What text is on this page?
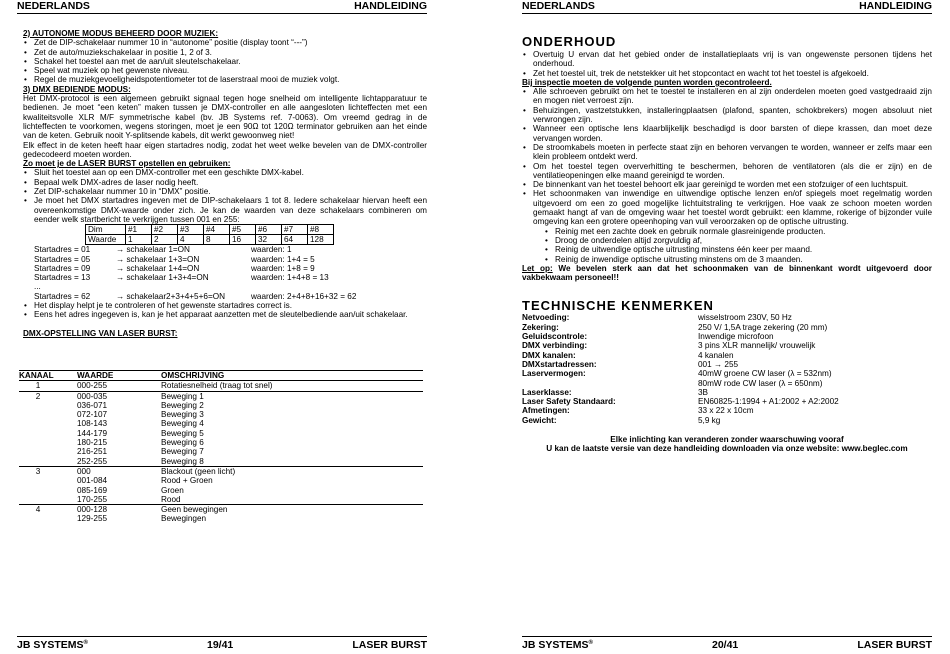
NEDERLANDS	HANDLEIDING
2) AUTONOME MODUS BEHEERD DOOR MUZIEK:
• Zet de DIP-schakelaar nummer 10 in “autonome” positie (display toont “---”)
• Zet de auto/muziekschakelaar in positie 1, 2 of 3.
• Schakel het toestel aan met de aan/uit sleutelschakelaar.
• Speel wat muziek op het gewenste niveau.
• Regel de muziekgevoeligheidspotentiometer tot de laserstraal mooi de muziek volgt.
3) DMX BEDIENDE MODUS:
Het DMX-protocol is een algemeen gebruikt signaal tegen hoge snelheid om intelligente lichtapparatuur te bedienen. Je moet “een keten” maken tussen je DMX-controller en alle aangesloten lichteffecten met een kwaliteitsvolle XLR M/F symmetrische kabel (bv. JB Systems ref. 7-0063). Om vreemd gedrag in de lichteffecten te voorkomen, wegens storingen, moet je een 90Ω tot 120Ω terminator gebruiken aan het einde van de keten. Gebruik nooit Y-splitsende kabels, dit werkt gewoonweg niet!
Elk effect in de keten heeft haar eigen startadres nodig, zodat het weet welke bevelen van de DMX-controller gedecodeerd moeten worden.
Zo moet je de LASER BURST opstellen en gebruiken:
• Sluit het toestel aan op een DMX-controller met een geschikte DMX-kabel.
• Bepaal welk DMX-adres de laser nodig heeft.
• Zet DIP-schakelaar nummer 10 in “DMX” positie.
• Je moet het DMX startadres ingeven met de DIP-schakelaars 1 tot 8. Iedere schakelaar hiervan heeft een overeenkomstige DMX-waarde onder zich. Je kan de waarden van deze schakelaars combineren om eender welk startbericht te verkrijgen tussen 001 en 255:
Dim	#1	#2	#3	#4	#5	#6	#7	#8
Waarde	1	2	4	8	16	32	64	128
Startadres = 01	→ schakelaar 1=ON	waarden: 1
Startadres = 05	→ schakelaar 1+3=ON	waarden: 1+4 = 5
Startadres = 09	→ schakelaar 1+4=ON	waarden: 1+8 = 9
Startadres = 13	→ schakelaar 1+3+4=ON	waarden: 1+4+8 = 13
...
Startadres = 62	→ schakelaar2+3+4+5+6=ON	waarden: 2+4+8+16+32 = 62
• Het display helpt je te controleren of het gewenste startadres correct is.
• Eens het adres ingegeven is, kan je het apparaat aanzetten met de sleutelbediende aan/uit schakelaar.
DMX-OPSTELLING VAN LASER BURST:
KANAAL	WAARDE	OMSCHRIJVING
1	000-255	Rotatiesnelheid (traag tot snel)
2	000-035	Beweging 1
	036-071	Beweging 2
	072-107	Beweging 3
	108-143	Beweging 4
	144-179	Beweging 5
	180-215	Beweging 6
	216-251	Beweging 7
	252-255	Beweging 8
3	000	Blackout (geen licht)
	001-084	Rood + Groen
	085-169	Groen
	170-255	Rood
4	000-128	Geen bewegingen
	129-255	Bewegingen
JB SYSTEMS®	19/41	LASER BURST
NEDERLANDS	HANDLEIDING
ONDERHOUD
• Overtuig U ervan dat het gebied onder de installatieplaats vrij is van ongewenste personen tijdens het onderhoud.
• Zet het toestel uit, trek de netstekker uit het stopcontact en wacht tot het toestel is afgekoeld.
Bij inspectie moeten de volgende punten worden gecontroleerd.
• Alle schroeven gebruikt om het te toestel te installeren en al zijn onderdelen moeten goed vastgedraaid zijn en mogen niet verroest zijn.
• Behuizingen, vastzetstukken, installeringplaatsen (plafond, spanten, schokbrekers) mogen absoluut niet verwrongen zijn.
• Wanneer een optische lens klaarblijkelijk beschadigd is door barsten of diepe krassen, dan moet deze vervangen worden.
• De stroomkabels moeten in perfecte staat zijn en behoren vervangen te worden, wanneer er zelfs maar een klein probleem ontdekt werd.
• Om het toestel tegen oververhitting te beschermen, behoren de ventilatoren (als die er zijn) en de ventilatieopeningen elke maand gereinigd te worden.
• De binnenkant van het toestel behoort elk jaar gereinigd te worden met een stofzuiger of een luchtspuit.
• Het schoonmaken van inwendige en uitwendige optische lenzen en/of spiegels moet regelmatig worden uitgevoerd om een zo goed mogelijke lichtuitstraling te verkrijgen. Hoe vaak ze schoon moeten worden gemaakt hangt af van de omgeving waar het toestel wordt gebruikt: een klamme, rokerige of bijzonder vuile omgeving kan een grotere opeenhoping van vuil veroorzaken op de optische uitrusting.
• Reinig met een zachte doek en gebruik normale glasreinigende producten.
• Droog de onderdelen altijd zorgvuldig af,
• Reinig de uitwendige optische uitrusting minstens één keer per maand.
• Reinig de inwendige optische uitrusting minstens om de 3 maanden.
Let op: We bevelen sterk aan dat het schoonmaken van de binnenkant wordt uitgevoerd door vakbekwaam personeel!!
TECHNISCHE KENMERKEN
Netvoeding:	wisselstroom 230V, 50 Hz
Zekering:	250 V/ 1,5A trage zekering (20 mm)
Geluidscontrole:	Inwendige microfoon
DMX verbinding:	3 pins XLR mannelijk/ vrouwelijk
DMX kanalen:	4 kanalen
DMXstartadressen:	001 → 255
Laservermogen:	40mW groene CW laser (λ = 532nm)
80mW rode CW laser (λ = 650nm)
Laserklasse:	3B
Laser Safety Standaard:	EN60825-1:1994 + A1:2002 + A2:2002
Afmetingen:	33 x 22 x 10cm
Gewicht:	5,9 kg
Elke inlichting kan veranderen zonder waarschuwing vooraf
U kan de laatste versie van deze handleiding downloaden via onze website: www.beglec.com
JB SYSTEMS®	20/41	LASER BURST
